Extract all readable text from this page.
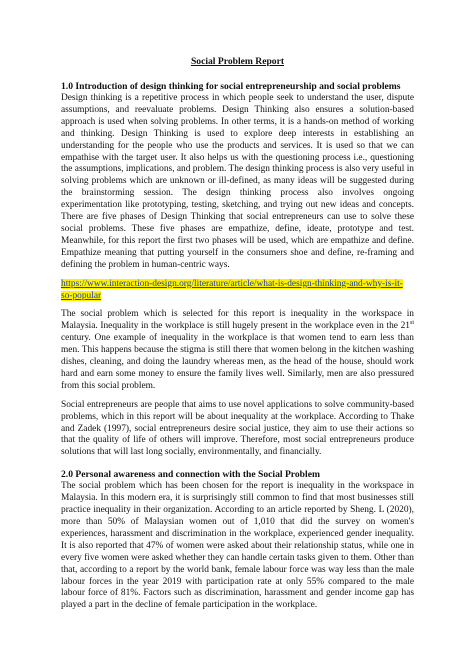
Social Problem Report
1.0 Introduction of design thinking for social entrepreneurship and social problems

Design thinking is a repetitive process in which people seek to understand the user, dispute assumptions, and reevaluate problems. Design Thinking also ensures a solution-based approach is used when solving problems. In other terms, it is a hands-on method of working and thinking. Design Thinking is used to explore deep interests in establishing an understanding for the people who use the products and services. It is used so that we can empathise with the target user. It also helps us with the questioning process i.e., questioning the assumptions, implications, and problem. The design thinking process is also very useful in solving problems which are unknown or ill-defined, as many ideas will be suggested during the brainstorming session. The design thinking process also involves ongoing experimentation like prototyping, testing, sketching, and trying out new ideas and concepts. There are five phases of Design Thinking that social entrepreneurs can use to solve these social problems. These five phases are empathize, define, ideate, prototype and test. Meanwhile, for this report the first two phases will be used, which are empathize and define. Empathize meaning that putting yourself in the consumers shoe and define, re-framing and defining the problem in human-centric ways.

https://www.interaction-design.org/literature/article/what-is-design-thinking-and-why-is-it-so-popular

The social problem which is selected for this report is inequality in the workspace in Malaysia. Inequality in the workplace is still hugely present in the workplace even in the 21st century. One example of inequality in the workplace is that women tend to earn less than men. This happens because the stigma is still there that women belong in the kitchen washing dishes, cleaning, and doing the laundry whereas men, as the head of the house, should work hard and earn some money to ensure the family lives well. Similarly, men are also pressured from this social problem.

Social entrepreneurs are people that aims to use novel applications to solve community-based problems, which in this report will be about inequality at the workplace. According to Thake and Zadek (1997), social entrepreneurs desire social justice, they aim to use their actions so that the quality of life of others will improve. Therefore, most social entrepreneurs produce solutions that will last long socially, environmentally, and financially.

2.0 Personal awareness and connection with the Social Problem

The social problem which has been chosen for the report is inequality in the workspace in Malaysia. In this modern era, it is surprisingly still common to find that most businesses still practice inequality in their organization. According to an article reported by Sheng. L (2020), more than 50% of Malaysian women out of 1,010 that did the survey on women's experiences, harassment and discrimination in the workplace, experienced gender inequality. It is also reported that 47% of women were asked about their relationship status, while one in every five women were asked whether they can handle certain tasks given to them. Other than that, according to a report by the world bank, female labour force was way less than the male labour forces in the year 2019 with participation rate at only 55% compared to the male labour force of 81%. Factors such as discrimination, harassment and gender income gap has played a part in the decline of female participation in the workplace.
